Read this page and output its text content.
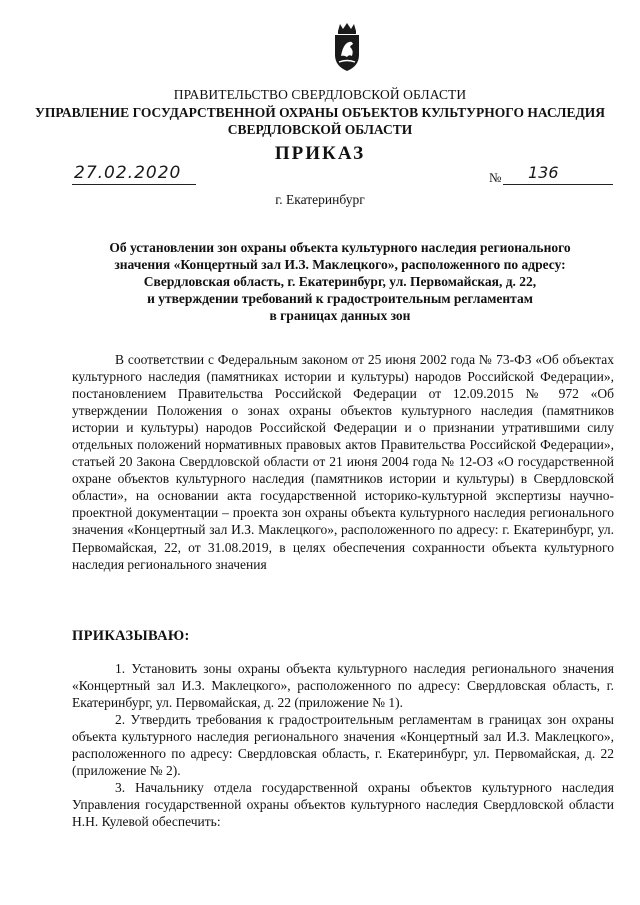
ПРАВИТЕЛЬСТВО СВЕРДЛОВСКОЙ ОБЛАСТИ

УПРАВЛЕНИЕ ГОСУДАРСТВЕННОЙ ОХРАНЫ ОБЪЕКТОВ КУЛЬТУРНОГО НАСЛЕДИЯ

СВЕРДЛОВСКОЙ ОБЛАСТИ

ПРИКАЗ
27.02.2020	№ 136
г. Екатеринбург
Об установлении зон охраны объекта культурного наследия регионального
значения «Концертный зал И.З. Маклецкого», расположенного по адресу:
Свердловская область, г. Екатеринбург, ул. Первомайская, д. 22,
и утверждении требований к градостроительным регламентам
в границах данных зон
В соответствии с Федеральным законом от 25 июня 2002 года № 73-ФЗ «Об объектах культурного наследия (памятниках истории и культуры) народов Российской Федерации», постановлением Правительства Российской Федерации от 12.09.2015 № 972 «Об утверждении Положения о зонах охраны объектов культурного наследия (памятников истории и культуры) народов Российской Федерации и о признании утратившими силу отдельных положений нормативных правовых актов Правительства Российской Федерации», статьей 20 Закона Свердловской области от 21 июня 2004 года № 12-ОЗ «О государственной охране объектов культурного наследия (памятников истории и культуры) в Свердловской области», на основании акта государственной историко-культурной экспертизы научно-проектной документации – проекта зон охраны объекта культурного наследия регионального значения «Концертный зал И.З. Маклецкого», расположенного по адресу: г. Екатеринбург, ул. Первомайская, 22, от 31.08.2019, в целях обеспечения сохранности объекта культурного наследия регионального значения
ПРИКАЗЫВАЮ:
1. Установить зоны охраны объекта культурного наследия регионального значения «Концертный зал И.З. Маклецкого», расположенного по адресу: Свердловская область, г. Екатеринбург, ул. Первомайская, д. 22 (приложение № 1).
2. Утвердить требования к градостроительным регламентам в границах зон охраны объекта культурного наследия регионального значения «Концертный зал И.З. Маклецкого», расположенного по адресу: Свердловская область, г. Екатеринбург, ул. Первомайская, д. 22 (приложение № 2).
3. Начальнику отдела государственной охраны объектов культурного наследия Управления государственной охраны объектов культурного наследия Свердловской области Н.Н. Кулевой обеспечить:
